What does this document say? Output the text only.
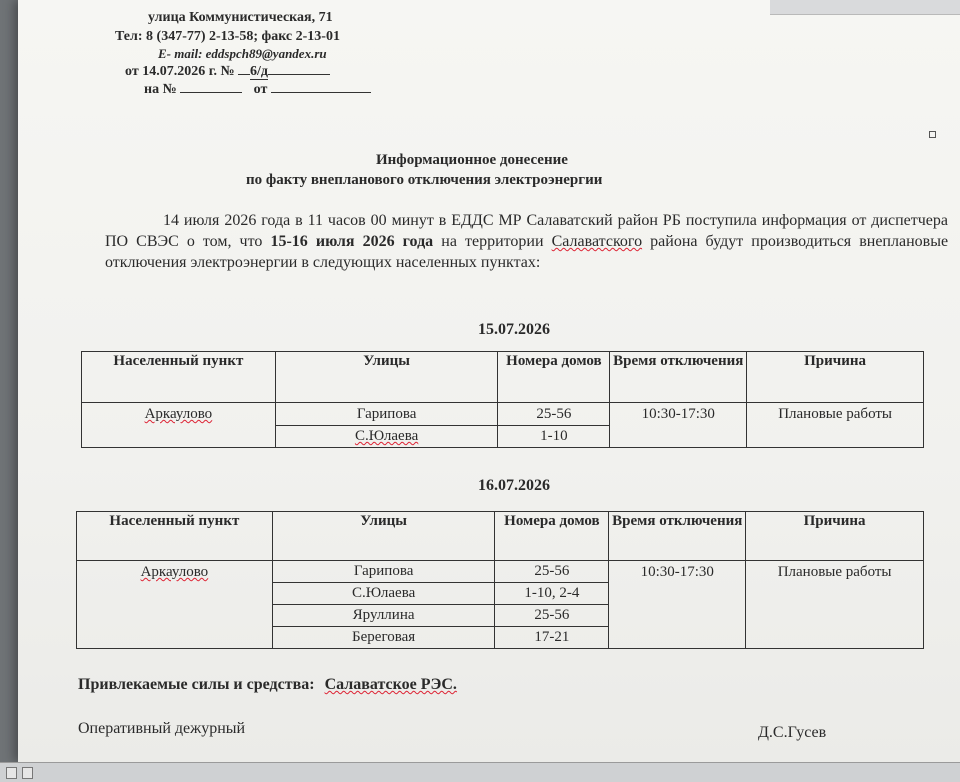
улица Коммунистическая, 71
Тел: 8 (347-77) 2-13-58; факс 2-13-01
E- mail: eddspch89@yandex.ru
от 14.07.2026 г. № 6/д
на №	от
Информационное донесение
по факту внепланового отключения электроэнергии
14 июля 2026 года в 11 часов 00 минут в ЕДДС МР Салаватский район РБ поступила информация от диспетчера ПО СВЭС о том, что 15-16 июля 2026 года на территории Салаватского района будут производиться внеплановые отключения электроэнергии в следующих населенных пунктах:
15.07.2026
Населенный пункт	Улицы	Номера домов	Время отключения	Причина
Аркаулово	Гарипова	25-56	10:30-17:30	Плановые работы
	С.Юлаева	1-10		
16.07.2026
Населенный пункт	Улицы	Номера домов	Время отключения	Причина
Аркаулово	Гарипова	25-56	10:30-17:30	Плановые работы
	С.Юлаева	1-10, 2-4		
	Яруллина	25-56		
	Береговая	17-21		
Привлекаемые силы и средства: Салаватское РЭС.
Оперативный дежурный	Д.С.Гусев
